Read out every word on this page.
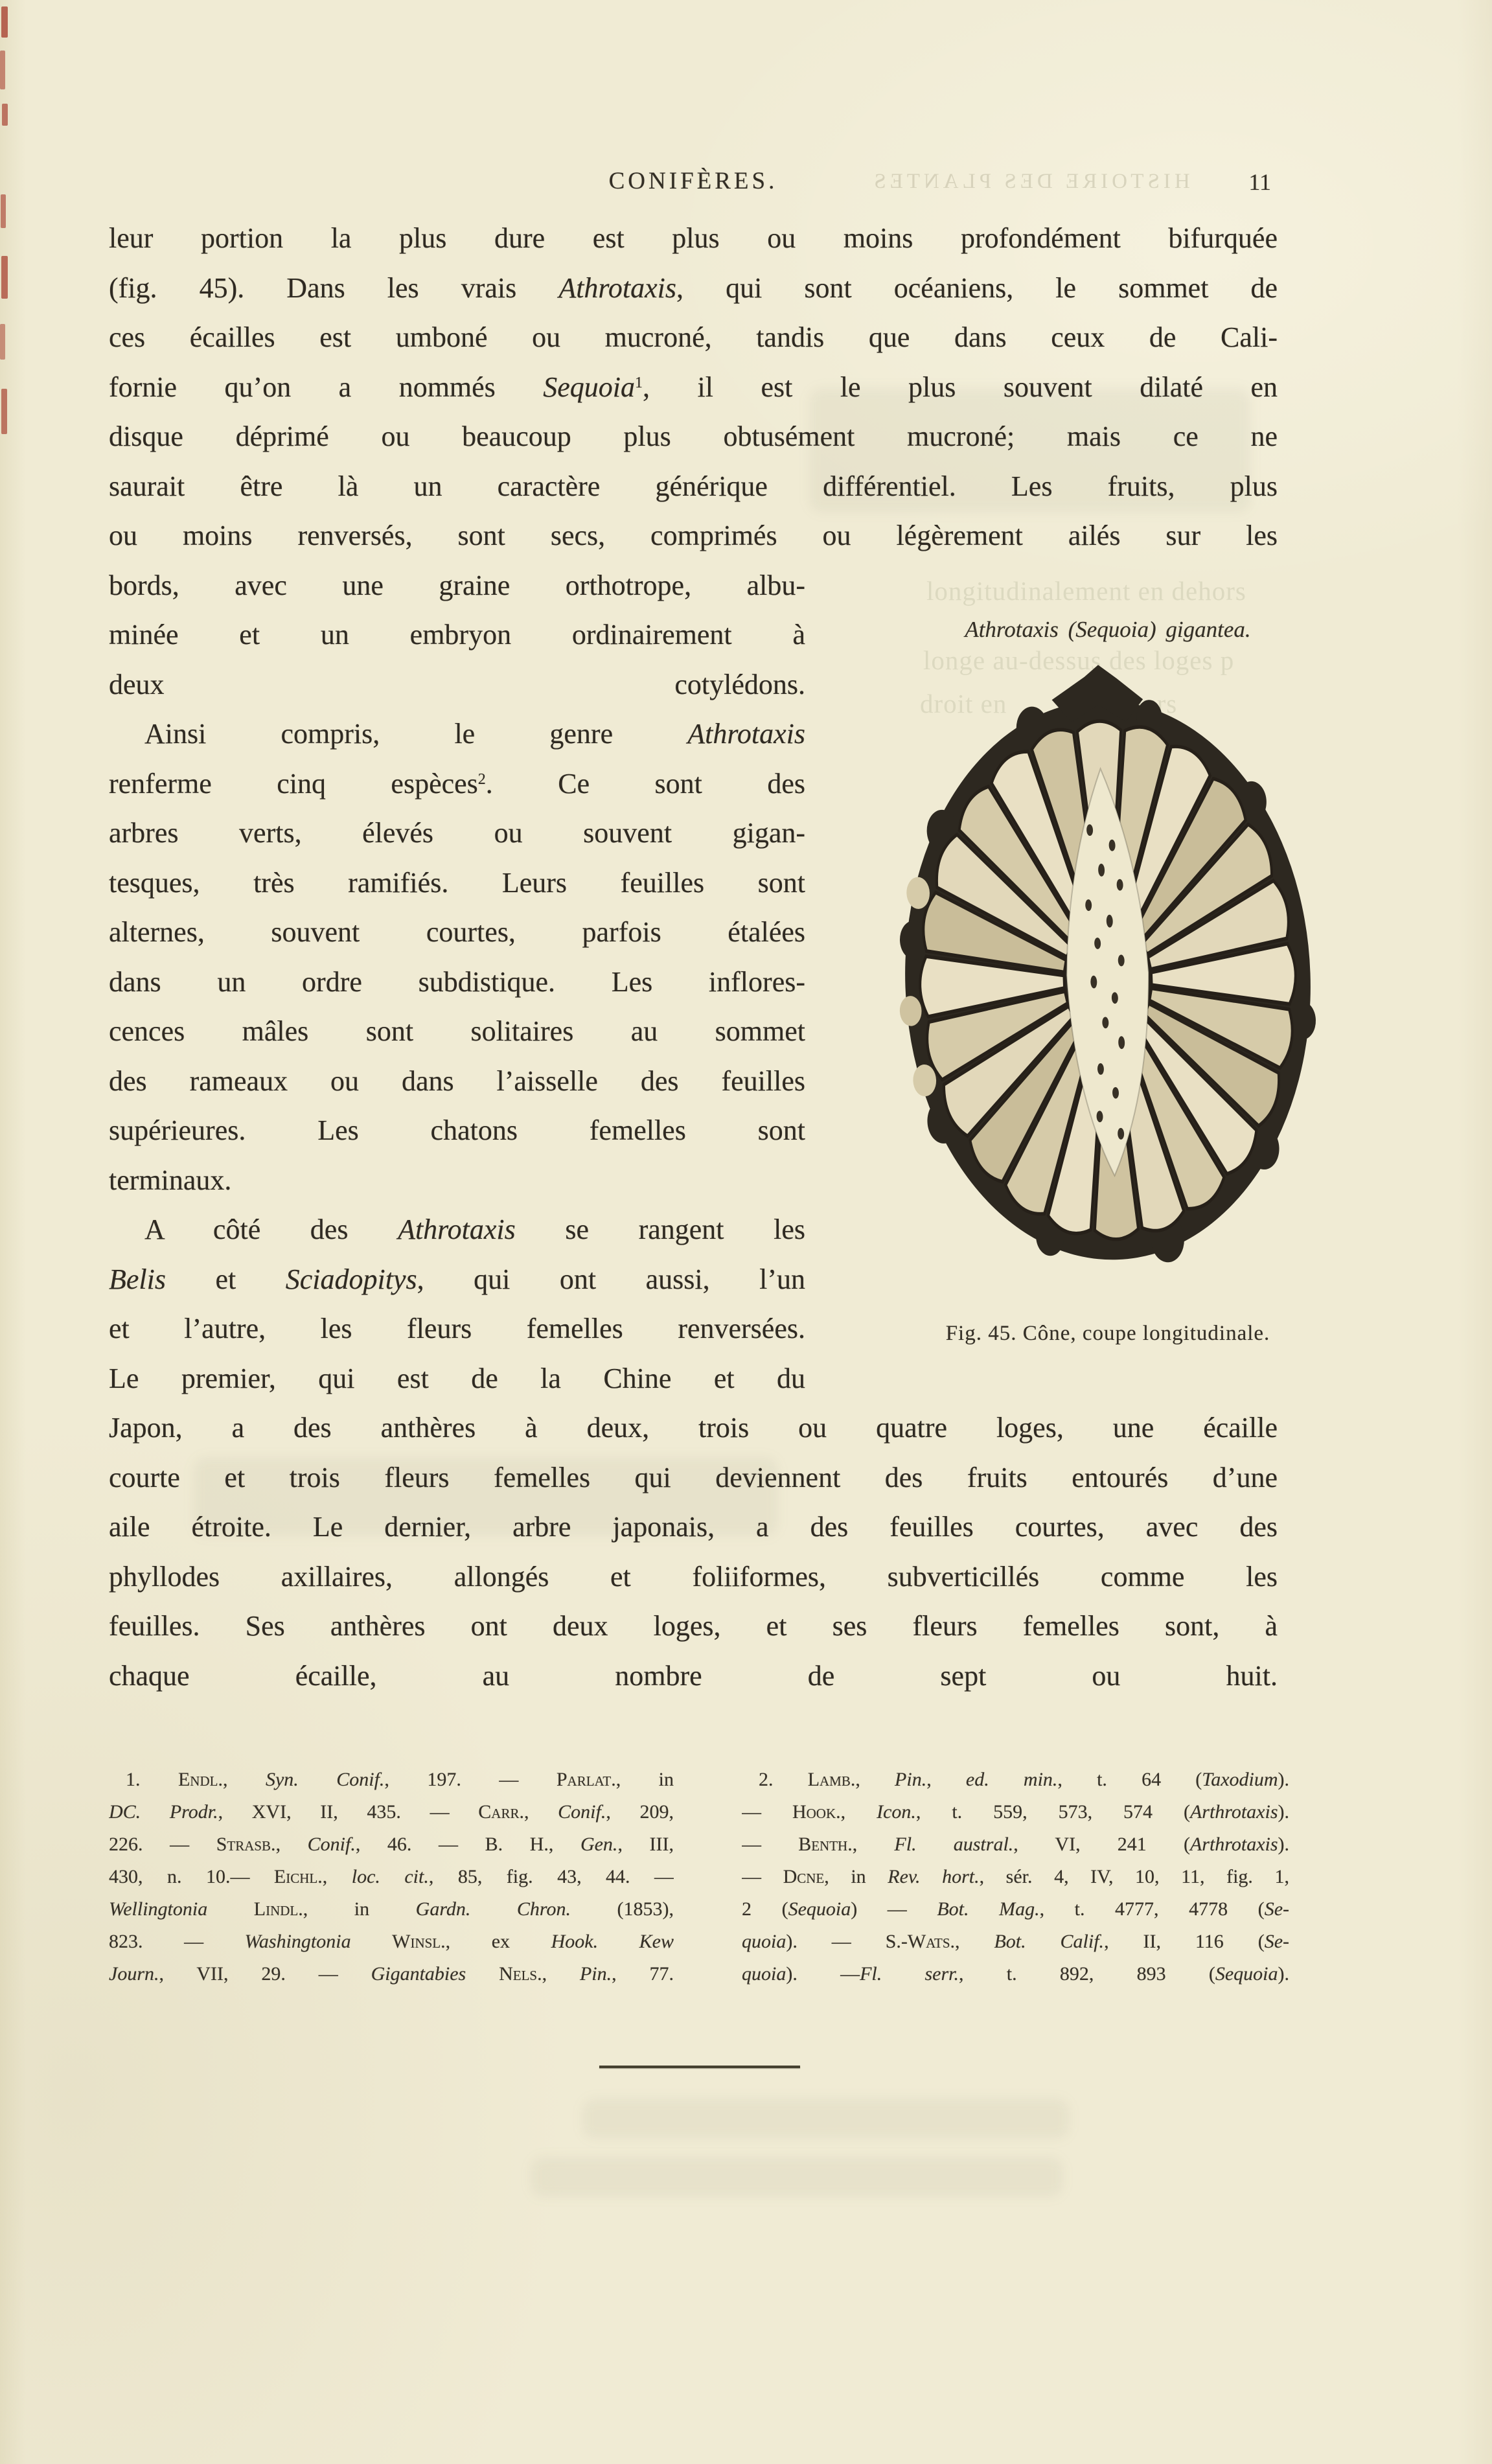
HISTOIRE DES PLANTES
longitudinalement en dehors
longe au-dessus des loges p
droit en        Les fleurs
CONIFÈRES.	11
leur portion la plus dure est plus ou moins profondément bifurquée
(fig. 45). Dans les vrais Athrotaxis, qui sont océaniens, le sommet de
ces écailles est umboné ou mucroné, tandis que dans ceux de Cali-
fornie qu’on a nommés Sequoia$^1$, il est le plus souvent dilaté en
disque déprimé ou beaucoup plus obtusément mucroné; mais ce ne
saurait être là un caractère générique différentiel. Les fruits, plus
ou moins renversés, sont secs, comprimés ou légèrement ailés sur les
bords, avec une graine orthotrope, albu-
minée et un embryon ordinairement à
deux cotylédons.
Ainsi compris, le genre Athrotaxis
renferme cinq espèces$^2$. Ce sont des
arbres verts, élevés ou souvent gigan-
tesques, très ramifiés. Leurs feuilles sont
alternes, souvent courtes, parfois étalées
dans un ordre subdistique. Les inflores-
cences mâles sont solitaires au sommet
des rameaux ou dans l’aisselle des feuilles
supérieures. Les chatons femelles sont
terminaux.
A côté des Athrotaxis se rangent les
Belis et Sciadopitys, qui ont aussi, l’un
et l’autre, les fleurs femelles renversées.
Le premier, qui est de la Chine et du
Japon, a des anthères à deux, trois ou quatre loges, une écaille
courte et trois fleurs femelles qui deviennent des fruits entourés d’une
aile étroite. Le dernier, arbre japonais, a des feuilles courtes, avec des
phyllodes axillaires, allongés et foliiformes, subverticillés comme les
feuilles. Ses anthères ont deux loges, et ses fleurs femelles sont, à
chaque écaille, au nombre de sept ou huit.
Athrotaxis (Sequoia) gigantea.
Fig. 45. Cône, coupe longitudinale.
1. Endl., Syn. Conif., 197. — Parlat., in
DC. Prodr., XVI, II, 435. — Carr., Conif., 209,
226. — Strasb., Conif., 46. — B. H., Gen., III,
430, n. 10.— Eichl., loc. cit., 85, fig. 43, 44. —
Wellingtonia Lindl., in Gardn. Chron. (1853),
823. — Washingtonia Winsl., ex Hook. Kew
Journ., VII, 29. — Gigantabies Nels., Pin., 77.
2. Lamb., Pin., ed. min., t. 64 (Taxodium).
— Hook., Icon., t. 559, 573, 574 (Arthrotaxis).
— Benth., Fl. austral., VI, 241 (Arthrotaxis).
— Dcne, in Rev. hort., sér. 4, IV, 10, 11, fig. 1,
2 (Sequoia) — Bot. Mag., t. 4777, 4778 (Se-
quoia). — S.-Wats., Bot. Calif., II, 116 (Se-
quoia). —Fl. serr., t. 892, 893 (Sequoia).
